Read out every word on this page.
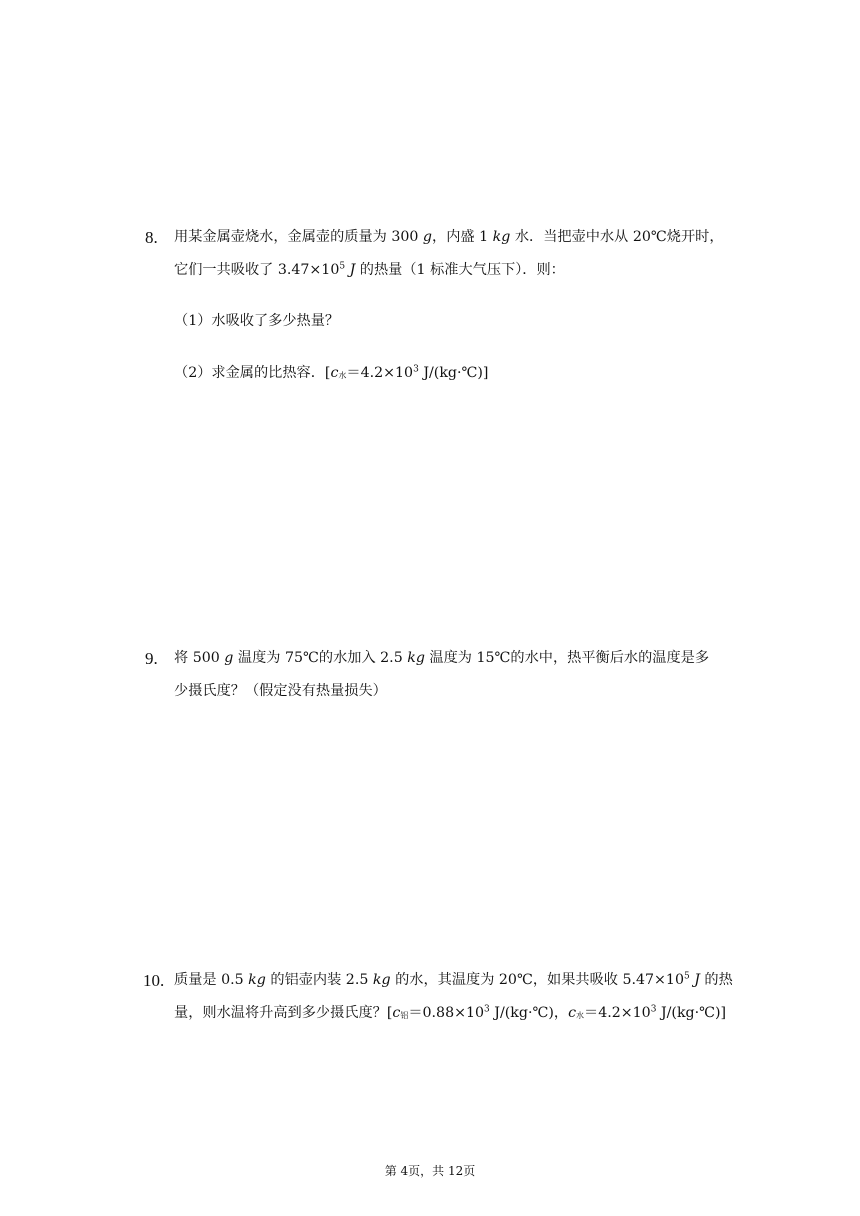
8. 用某金属壶烧水，金属壶的质量为 300 g，内盛 1 kg 水．当把壶中水从 20℃烧开时，
它们一共吸收了 $3.47\times 10^5$ J 的热量（1 标准大气压下）．则：
（1）水吸收了多少热量？
（2）求金属的比热容．[$c_水=4.2\times 10^3$ J/(kg·℃)]
9. 将 500 g 温度为 75℃的水加入 2.5 kg 温度为 15℃的水中，热平衡后水的温度是多
少摄氏度？（假定没有热量损失）
10. 质量是 0.5 kg 的铝壶内装 2.5 kg 的水，其温度为 20℃，如果共吸收 $5.47\times 10^5$ J 的热
量，则水温将升高到多少摄氏度？[$c_铝=0.88\times 10^3$ J/(kg·℃)，$c_水=4.2\times 10^3$ J/(kg·℃)]
第 4页，共 12页
